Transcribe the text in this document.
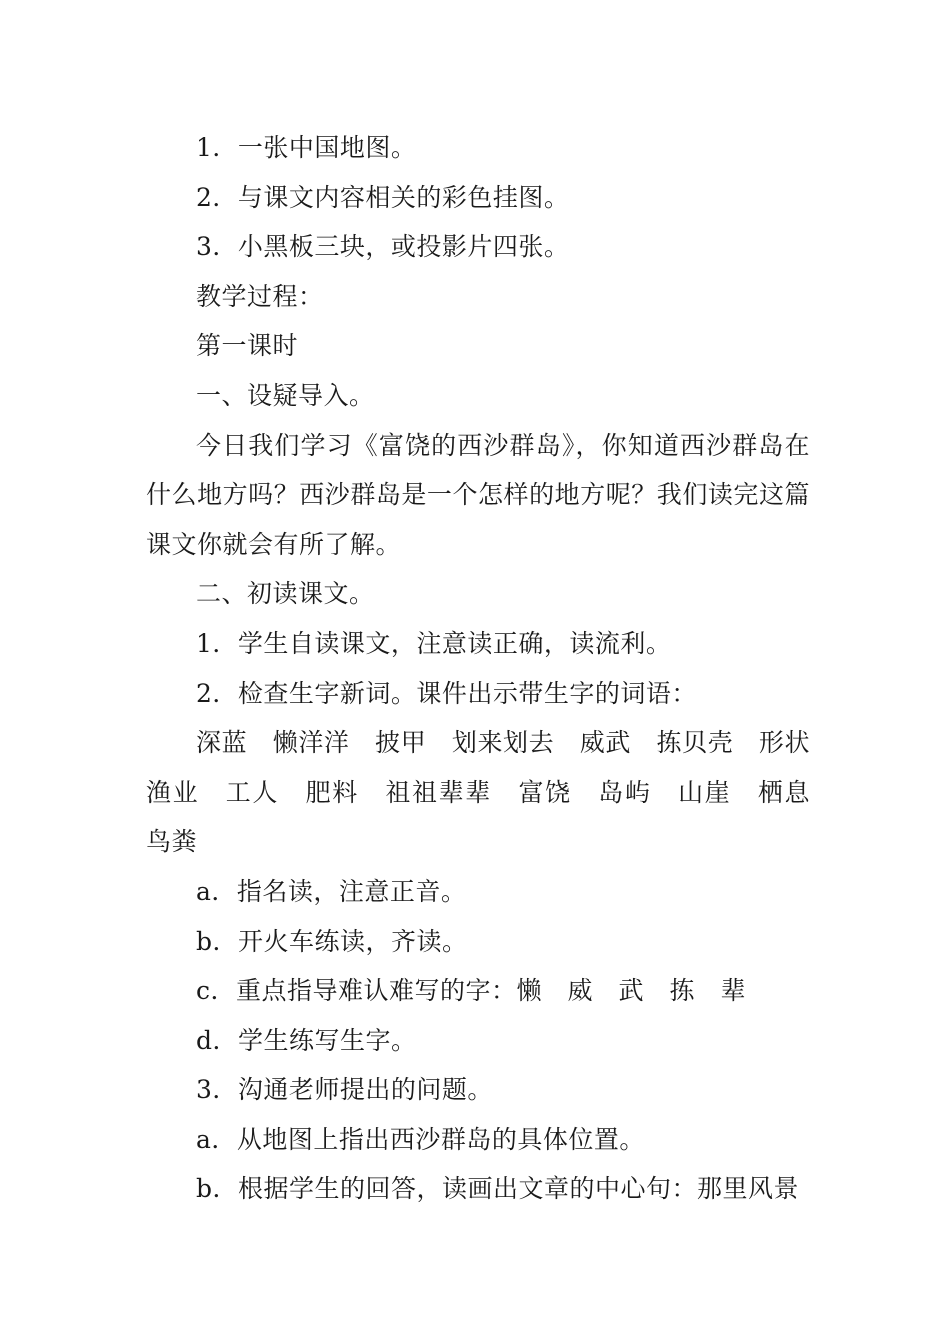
1．一张中国地图。

2．与课文内容相关的彩色挂图。

3．小黑板三块，或投影片四张。

教学过程：

第一课时

一、设疑导入。

今日我们学习《富饶的西沙群岛》，你知道西沙群岛在什么地方吗？西沙群岛是一个怎样的地方呢？我们读完这篇课文你就会有所了解。

二、初读课文。

1．学生自读课文，注意读正确，读流利。

2．检查生字新词。课件出示带生字的词语：

深蓝　懒洋洋　披甲　划来划去　威武　拣贝壳　形状　渔业　工人　肥料　祖祖辈辈　富饶　岛屿　山崖　栖息　鸟粪

a．指名读，注意正音。

b．开火车练读，齐读。

c．重点指导难认难写的字：懒　威　武　拣　辈

d．学生练写生字。

3．沟通老师提出的问题。

a．从地图上指出西沙群岛的具体位置。

b．根据学生的回答，读画出文章的中心句：那里风景
